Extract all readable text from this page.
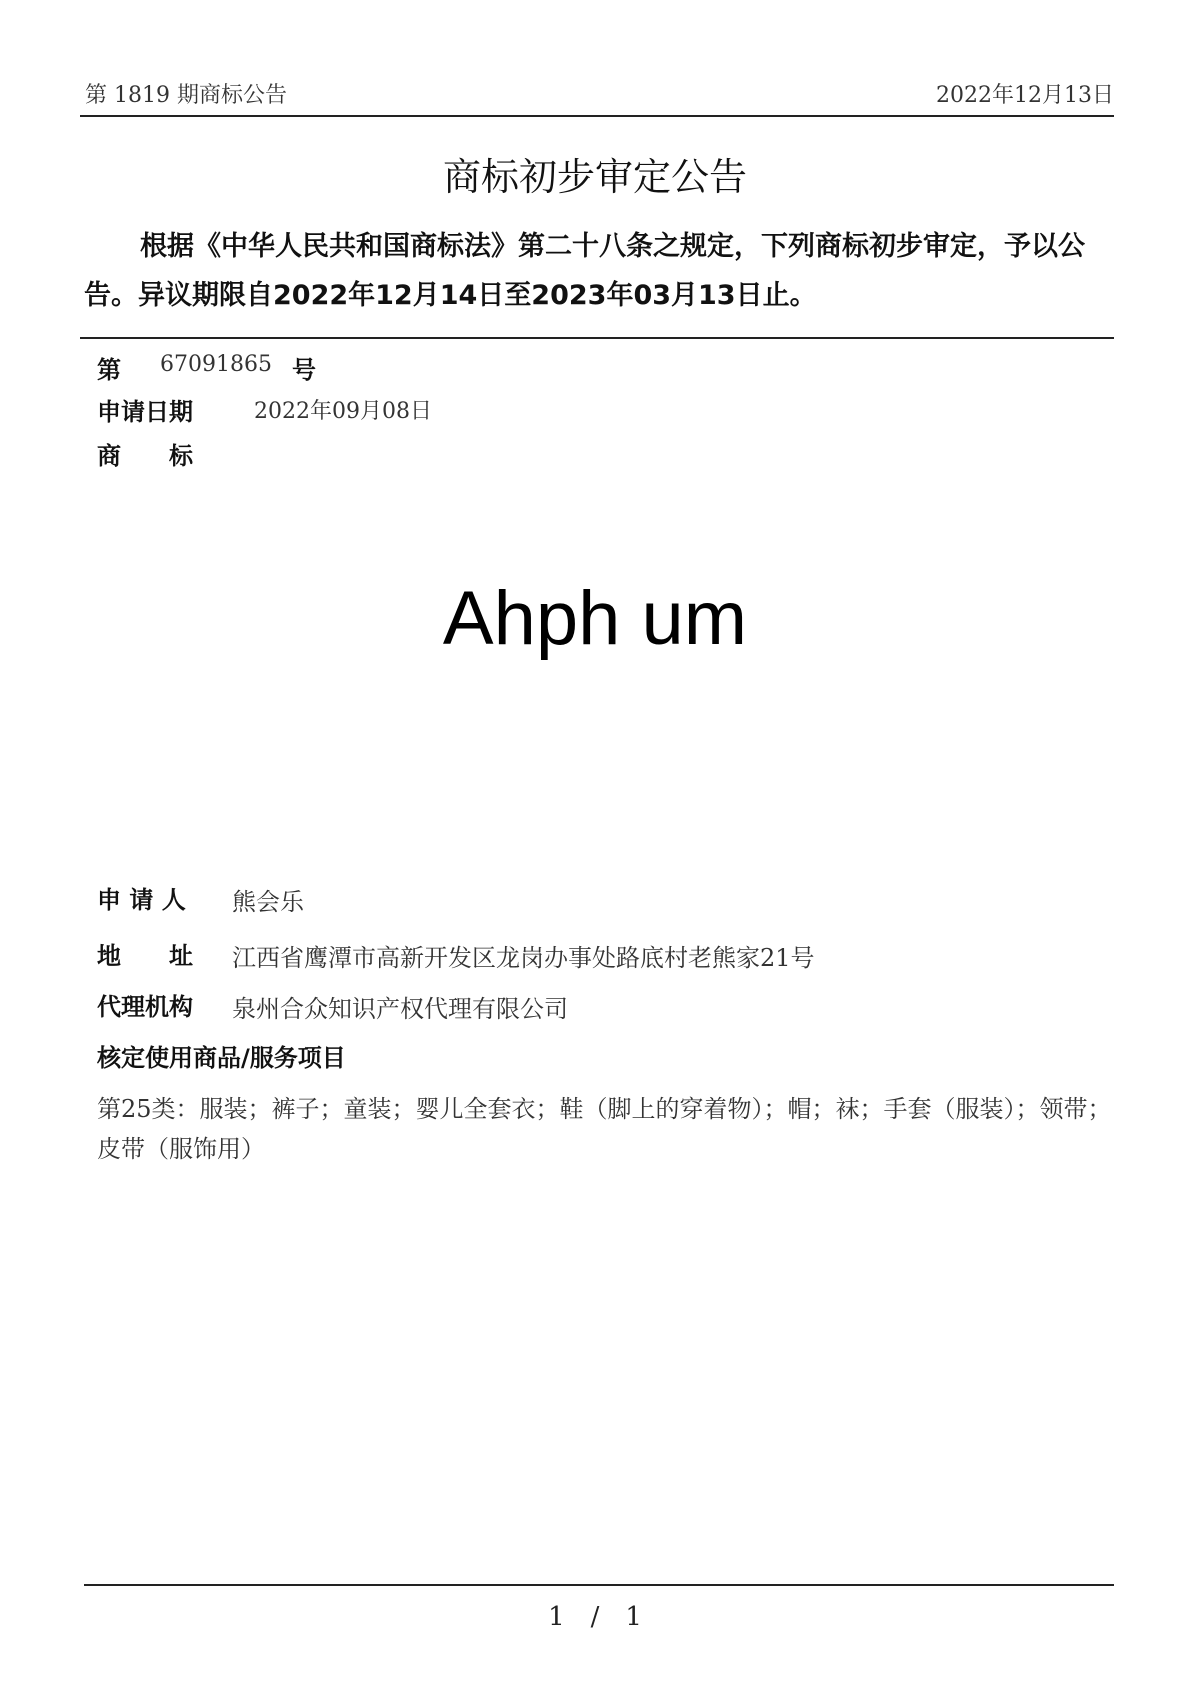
第 1819 期商标公告	2022年12月13日
商标初步审定公告
根据《中华人民共和国商标法》第二十八条之规定，下列商标初步审定，予以公告。异议期限自2022年12月14日至2023年03月13日止。
第 67091865 号
申请日期	2022年09月08日
商　　标
Ahph um
申 请 人 熊会乐
地　　址 江西省鹰潭市高新开发区龙岗办事处路底村老熊家21号
代理机构 泉州合众知识产权代理有限公司
核定使用商品/服务项目
第25类：服装；裤子；童装；婴儿全套衣；鞋（脚上的穿着物）；帽；袜；手套（服装）；领带；皮带（服饰用）
1　/　1
